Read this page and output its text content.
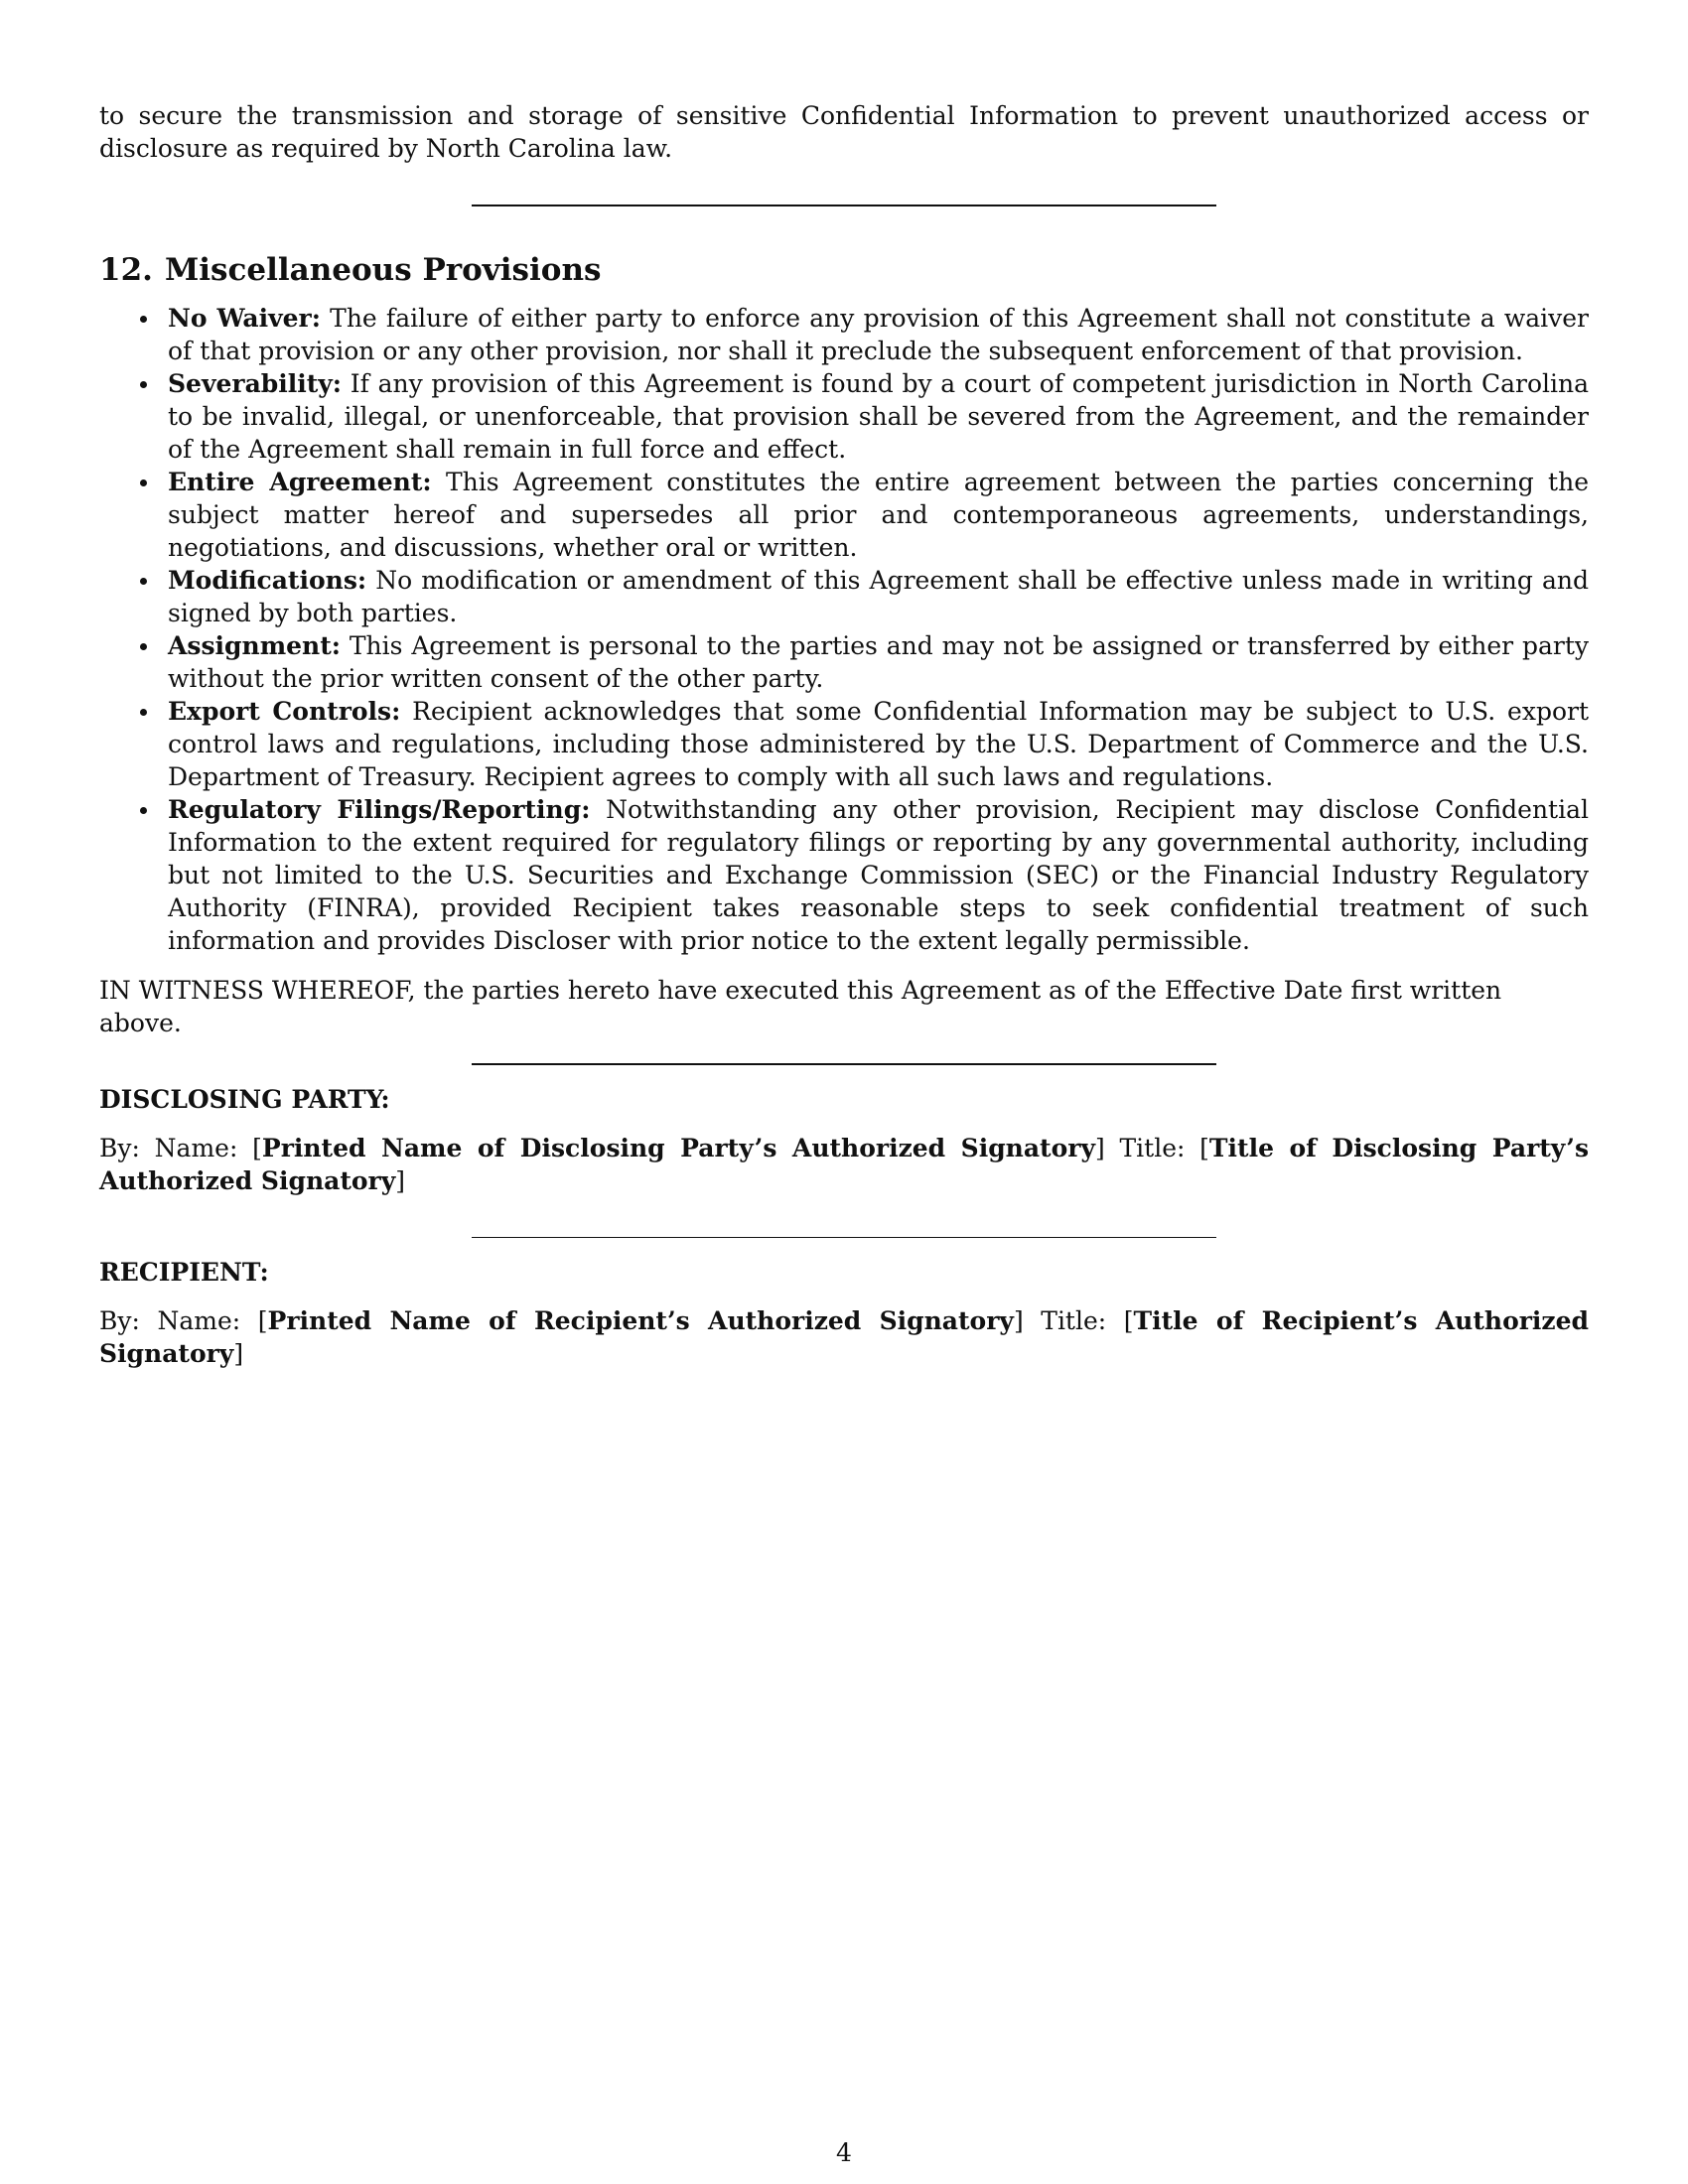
to secure the transmission and storage of sensitive Confidential Information to prevent unauthorized access or disclosure as required by North Carolina law.

12. Miscellaneous Provisions
No Waiver: The failure of either party to enforce any provision of this Agreement shall not constitute a waiver of that provision or any other provision, nor shall it preclude the subsequent enforcement of that provision.
Severability: If any provision of this Agreement is found by a court of competent jurisdiction in North Carolina to be invalid, illegal, or unenforceable, that provision shall be severed from the Agreement, and the remainder of the Agreement shall remain in full force and effect.
Entire Agreement: This Agreement constitutes the entire agreement between the parties concerning the subject matter hereof and supersedes all prior and contemporaneous agreements, understandings, negotiations, and discussions, whether oral or written.
Modifications: No modification or amendment of this Agreement shall be effective unless made in writing and signed by both parties.
Assignment: This Agreement is personal to the parties and may not be assigned or transferred by either party without the prior written consent of the other party.
Export Controls: Recipient acknowledges that some Confidential Information may be subject to U.S. export control laws and regulations, including those administered by the U.S. Department of Commerce and the U.S. Department of Treasury. Recipient agrees to comply with all such laws and regulations.
Regulatory Filings/Reporting: Notwithstanding any other provision, Recipient may disclose Confidential Information to the extent required for regulatory filings or reporting by any governmental authority, including but not limited to the U.S. Securities and Exchange Commission (SEC) or the Financial Industry Regulatory Authority (FINRA), provided Recipient takes reasonable steps to seek confidential treatment of such information and provides Discloser with prior notice to the extent legally permissible.

IN WITNESS WHEREOF, the parties hereto have executed this Agreement as of the Effective Date first written above.

DISCLOSING PARTY:

By: Name: [Printed Name of Disclosing Party’s Authorized Signatory] Title: [Title of Disclosing Party’s Authorized Signatory]

RECIPIENT:

By: Name: [Printed Name of Recipient’s Authorized Signatory] Title: [Title of Recipient’s Authorized Signatory]

4
